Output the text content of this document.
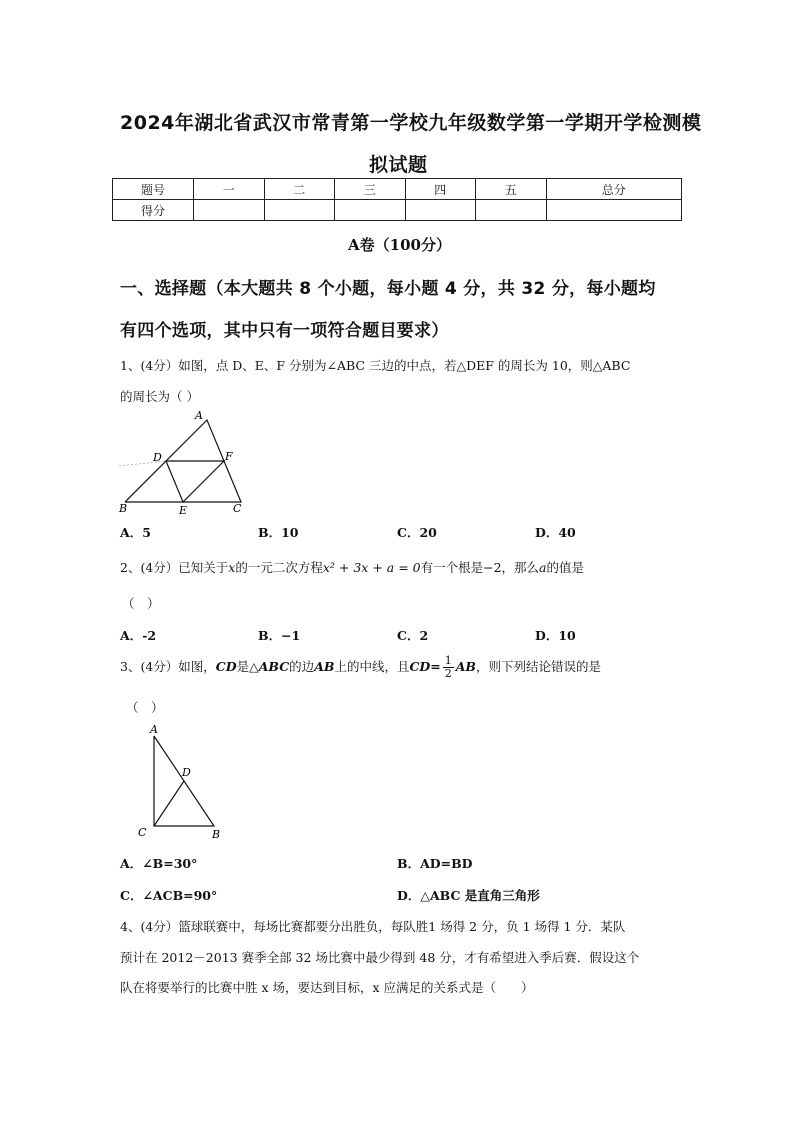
2024年湖北省武汉市常青第一学校九年级数学第一学期开学检测模
拟试题
题号	一	二	三	四	五	总分
得分						
A卷（100分）
一、选择题（本大题共 8 个小题，每小题 4 分，共 32 分，每小题均
有四个选项，其中只有一项符合题目要求）
1、(4分）如图，点 D、E、F 分别为∠ABC 三边的中点，若△DEF 的周长为 10，则△ABC
的周长为（ ）
A
D	F
B	E	C
A．5	B．10	C．20	D．40
2、(4分）已知关于x的一元二次方程x² + 3x + a = 0有一个根是−2，那么a的值是
（　）
A．-2	B．−1	C．2	D．10
3、(4分）如图，CD是△ABC的边AB上的中线，且$CD= \frac{1}{2}$ AB，则下列结论错误的是
（　）
A
D
C	B
A．∠B=30°	B．AD=BD
C．∠ACB=90°	D．△ABC 是直角三角形
4、(4分）篮球联赛中，每场比赛都要分出胜负，每队胜1 场得 2 分，负 1 场得 1 分．某队
预计在 2012－2013 赛季全部 32 场比赛中最少得到 48 分，才有希望进入季后赛．假设这个
队在将要举行的比赛中胜 x 场，要达到目标，x 应满足的关系式是（　　）
